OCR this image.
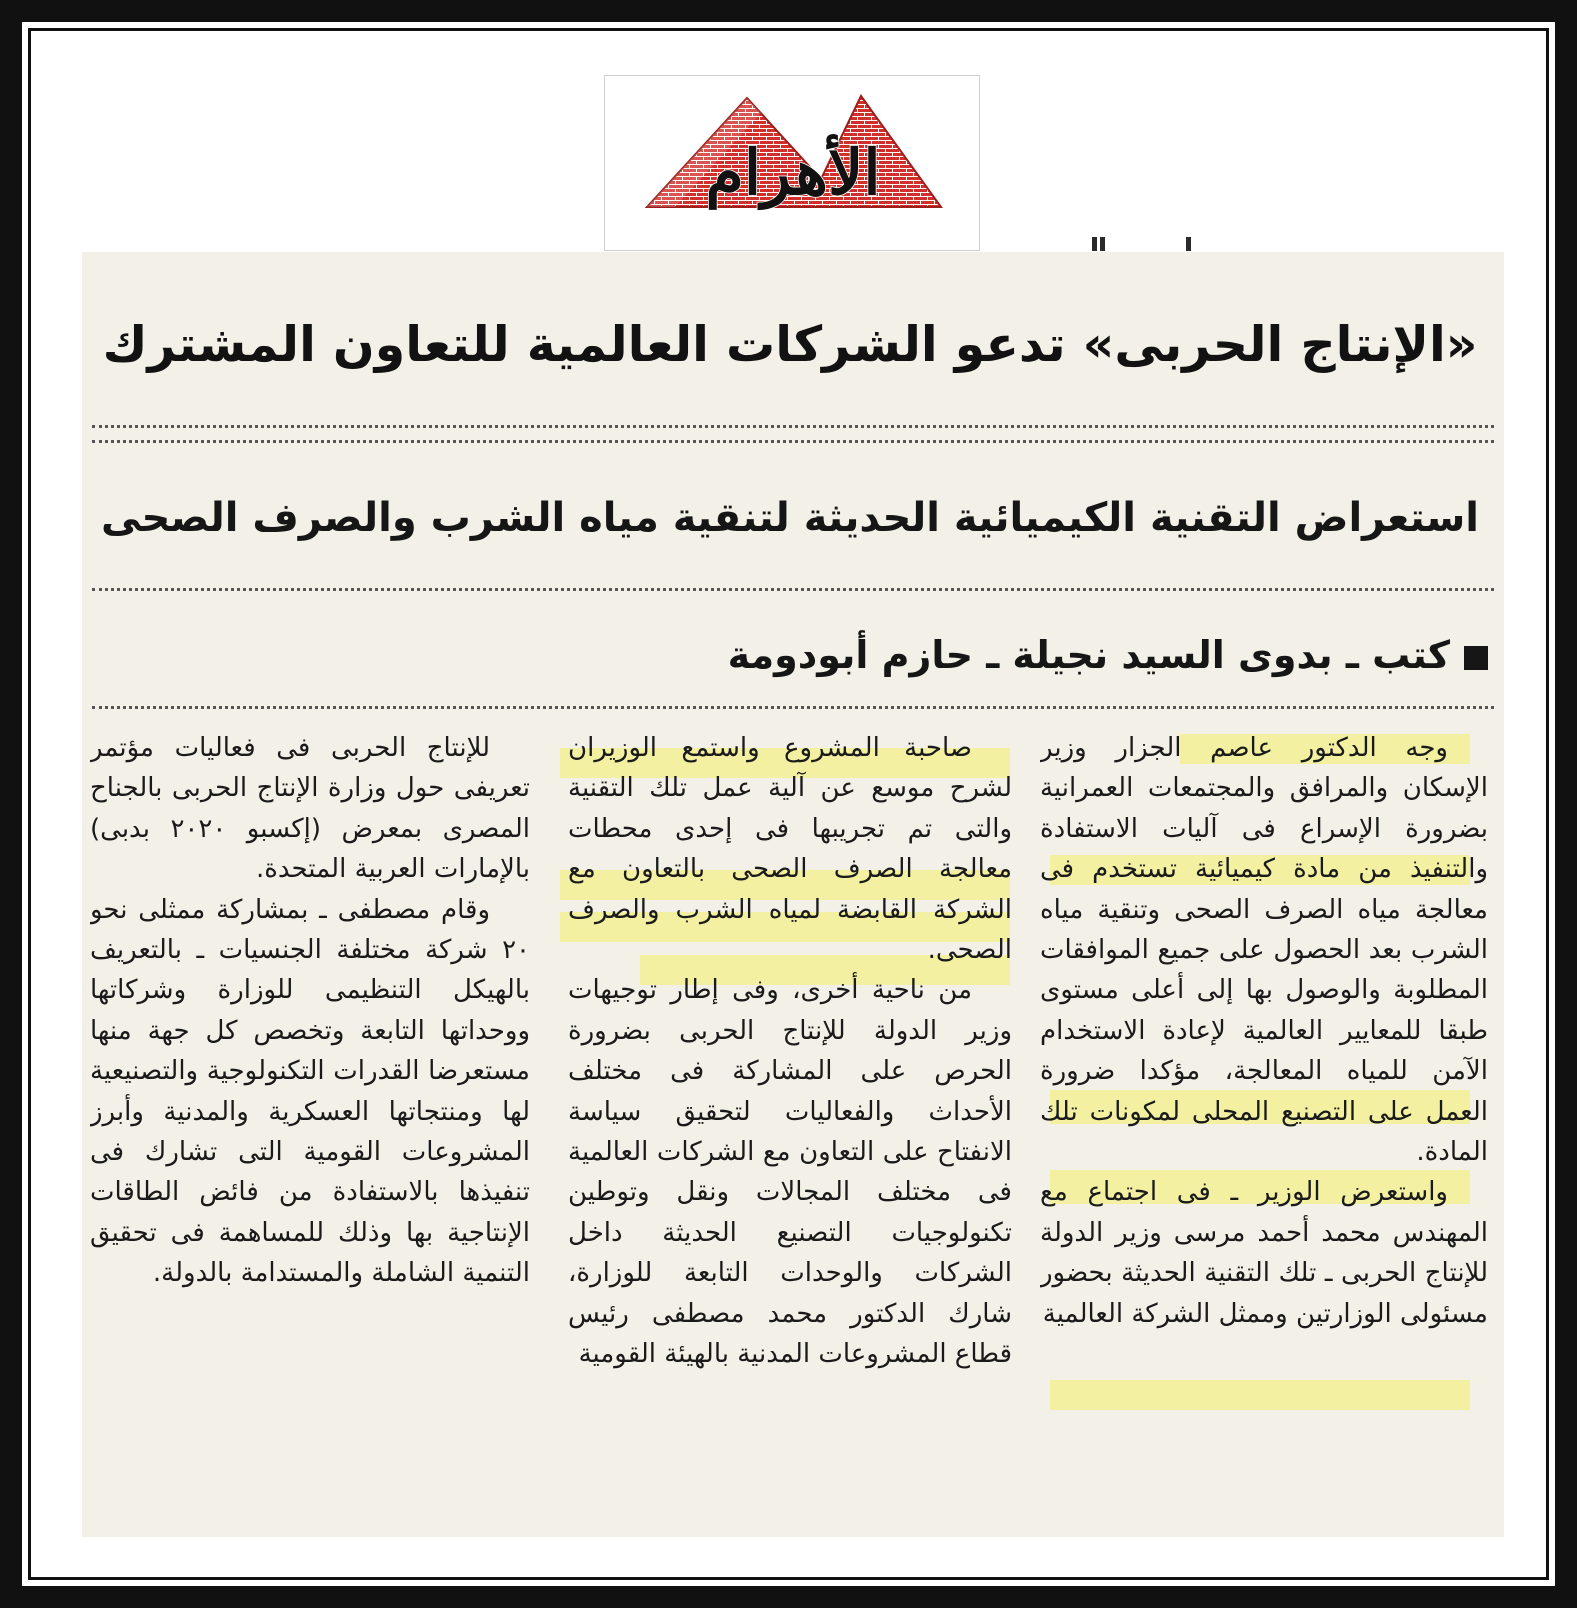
الأهرام
«الإنتاج الحربى» تدعو الشركات العالمية للتعاون المشترك
استعراض التقنية الكيميائية الحديثة لتنقية مياه الشرب والصرف الصحى
كتب ـ بدوى السيد نجيلة ـ حازم أبودومة

وجه الدكتور عاصم الجزار وزير الإسكان والمرافق والمجتمعات العمرانية بضرورة الإسراع فى آليات الاستفادة والتنفيذ من مادة كيميائية تستخدم فى معالجة مياه الصرف الصحى وتنقية مياه الشرب بعد الحصول على جميع الموافقات المطلوبة والوصول بها إلى أعلى مستوى طبقا للمعايير العالمية لإعادة الاستخدام الآمن للمياه المعالجة، مؤكدا ضرورة العمل على التصنيع المحلى لمكونات تلك المادة.

واستعرض الوزير ـ فى اجتماع مع المهندس محمد أحمد مرسى وزير الدولة للإنتاج الحربى ـ تلك التقنية الحديثة بحضور مسئولى الوزارتين وممثل الشركة العالمية

صاحبة المشروع واستمع الوزيران لشرح موسع عن آلية عمل تلك التقنية والتى تم تجريبها فى إحدى محطات معالجة الصرف الصحى بالتعاون مع الشركة القابضة لمياه الشرب والصرف الصحى.

من ناحية أخرى، وفى إطار توجيهات وزير الدولة للإنتاج الحربى بضرورة الحرص على المشاركة فى مختلف الأحداث والفعاليات لتحقيق سياسة الانفتاح على التعاون مع الشركات العالمية فى مختلف المجالات ونقل وتوطين تكنولوجيات التصنيع الحديثة داخل الشركات والوحدات التابعة للوزارة، شارك الدكتور محمد مصطفى رئيس قطاع المشروعات المدنية بالهيئة القومية

للإنتاج الحربى فى فعاليات مؤتمر تعريفى حول وزارة الإنتاج الحربى بالجناح المصرى بمعرض (إكسبو ٢٠٢٠ بدبى) بالإمارات العربية المتحدة.

وقام مصطفى ـ بمشاركة ممثلى نحو ٢٠ شركة مختلفة الجنسيات ـ بالتعريف بالهيكل التنظيمى للوزارة وشركاتها ووحداتها التابعة وتخصص كل جهة منها مستعرضا القدرات التكنولوجية والتصنيعية لها ومنتجاتها العسكرية والمدنية وأبرز المشروعات القومية التى تشارك فى تنفيذها بالاستفادة من فائض الطاقات الإنتاجية بها وذلك للمساهمة فى تحقيق التنمية الشاملة والمستدامة بالدولة.
